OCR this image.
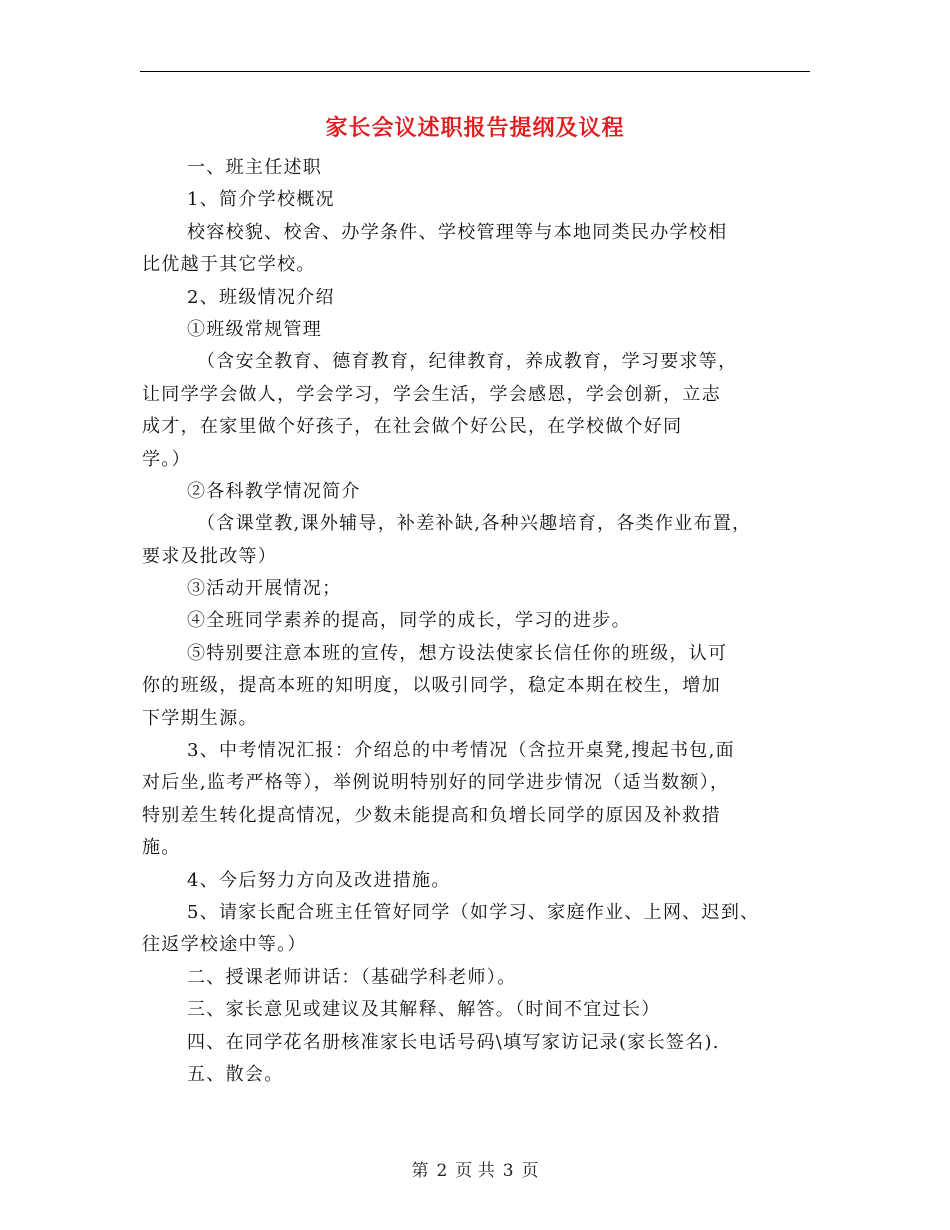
家长会议述职报告提纲及议程
一、班主任述职
1、简介学校概况
校容校貌、校舍、办学条件、学校管理等与本地同类民办学校相
比优越于其它学校。
2、班级情况介绍
①班级常规管理
（含安全教育、德育教育，纪律教育，养成教育，学习要求等，
让同学学会做人，学会学习，学会生活，学会感恩，学会创新，立志
成才，在家里做个好孩子，在社会做个好公民，在学校做个好同
学。）
②各科教学情况简介
（含课堂教,课外辅导，补差补缺,各种兴趣培育，各类作业布置，
要求及批改等）
③活动开展情况；
④全班同学素养的提高，同学的成长，学习的进步。
⑤特别要注意本班的宣传，想方设法使家长信任你的班级，认可
你的班级，提高本班的知明度，以吸引同学，稳定本期在校生，增加
下学期生源。
3、中考情况汇报：介绍总的中考情况（含拉开桌凳,搜起书包,面
对后坐,监考严格等），举例说明特别好的同学进步情况（适当数额），
特别差生转化提高情况，少数未能提高和负增长同学的原因及补救措
施。
4、今后努力方向及改进措施。
5、请家长配合班主任管好同学（如学习、家庭作业、上网、迟到、
往返学校途中等。）
二、授课老师讲话：（基础学科老师）。
三、家长意见或建议及其解释、解答。（时间不宜过长）
四、在同学花名册核准家长电话号码\填写家访记录(家长签名).
五、散会。
第 2 页 共 3 页
